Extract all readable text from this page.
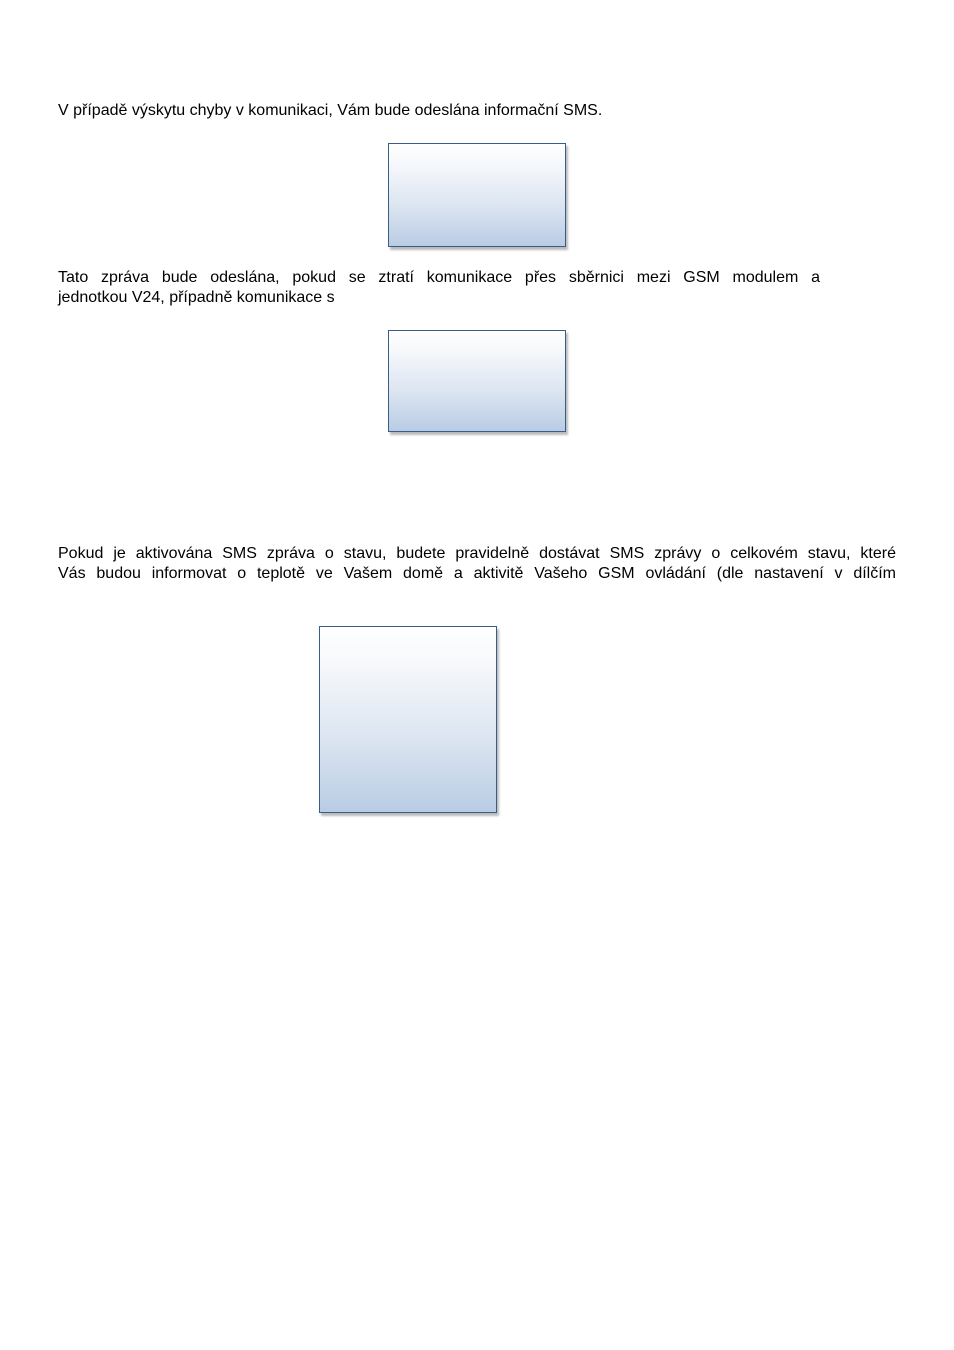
V případě výskytu chyby v komunikaci, Vám bude odeslána informační SMS.

Tato zpráva bude odeslána, pokud se ztratí komunikace přes sběrnici mezi GSM modulem a
jednotkou V24, případně komunikace s

Pokud je aktivována SMS zpráva o stavu, budete pravidelně dostávat SMS zprávy o celkovém stavu, které
Vás budou informovat o teplotě ve Vašem domě a aktivitě Vašeho GSM ovládání (dle nastavení v dílčím
